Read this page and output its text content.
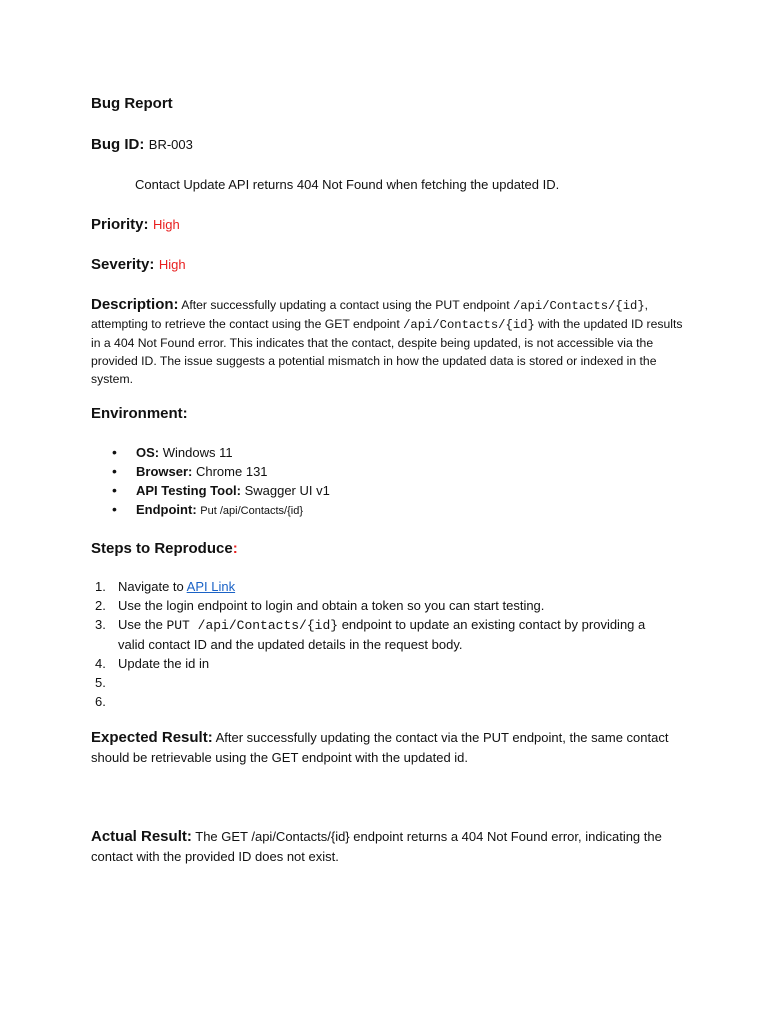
Bug Report
Bug ID: BR-003
Contact Update API returns 404 Not Found when fetching the updated ID.
Priority: High
Severity: High
Description: After successfully updating a contact using the PUT endpoint /api/Contacts/{id}, attempting to retrieve the contact using the GET endpoint /api/Contacts/{id} with the updated ID results in a 404 Not Found error. This indicates that the contact, despite being updated, is not accessible via the provided ID. The issue suggests a potential mismatch in how the updated data is stored or indexed in the system.
Environment:
• OS: Windows 11
• Browser: Chrome 131
• API Testing Tool: Swagger UI v1
• Endpoint: Put /api/Contacts/{id}
Steps to Reproduce:
1. Navigate to API Link
2. Use the login endpoint to login and obtain a token so you can start testing.
3. Use the PUT /api/Contacts/{id} endpoint to update an existing contact by providing a valid contact ID and the updated details in the request body.
4. Update the id in
5.

6.

Expected Result: After successfully updating the contact via the PUT endpoint, the same contact should be retrievable using the GET endpoint with the updated id.
Actual Result: The GET /api/Contacts/{id} endpoint returns a 404 Not Found error, indicating the contact with the provided ID does not exist.
